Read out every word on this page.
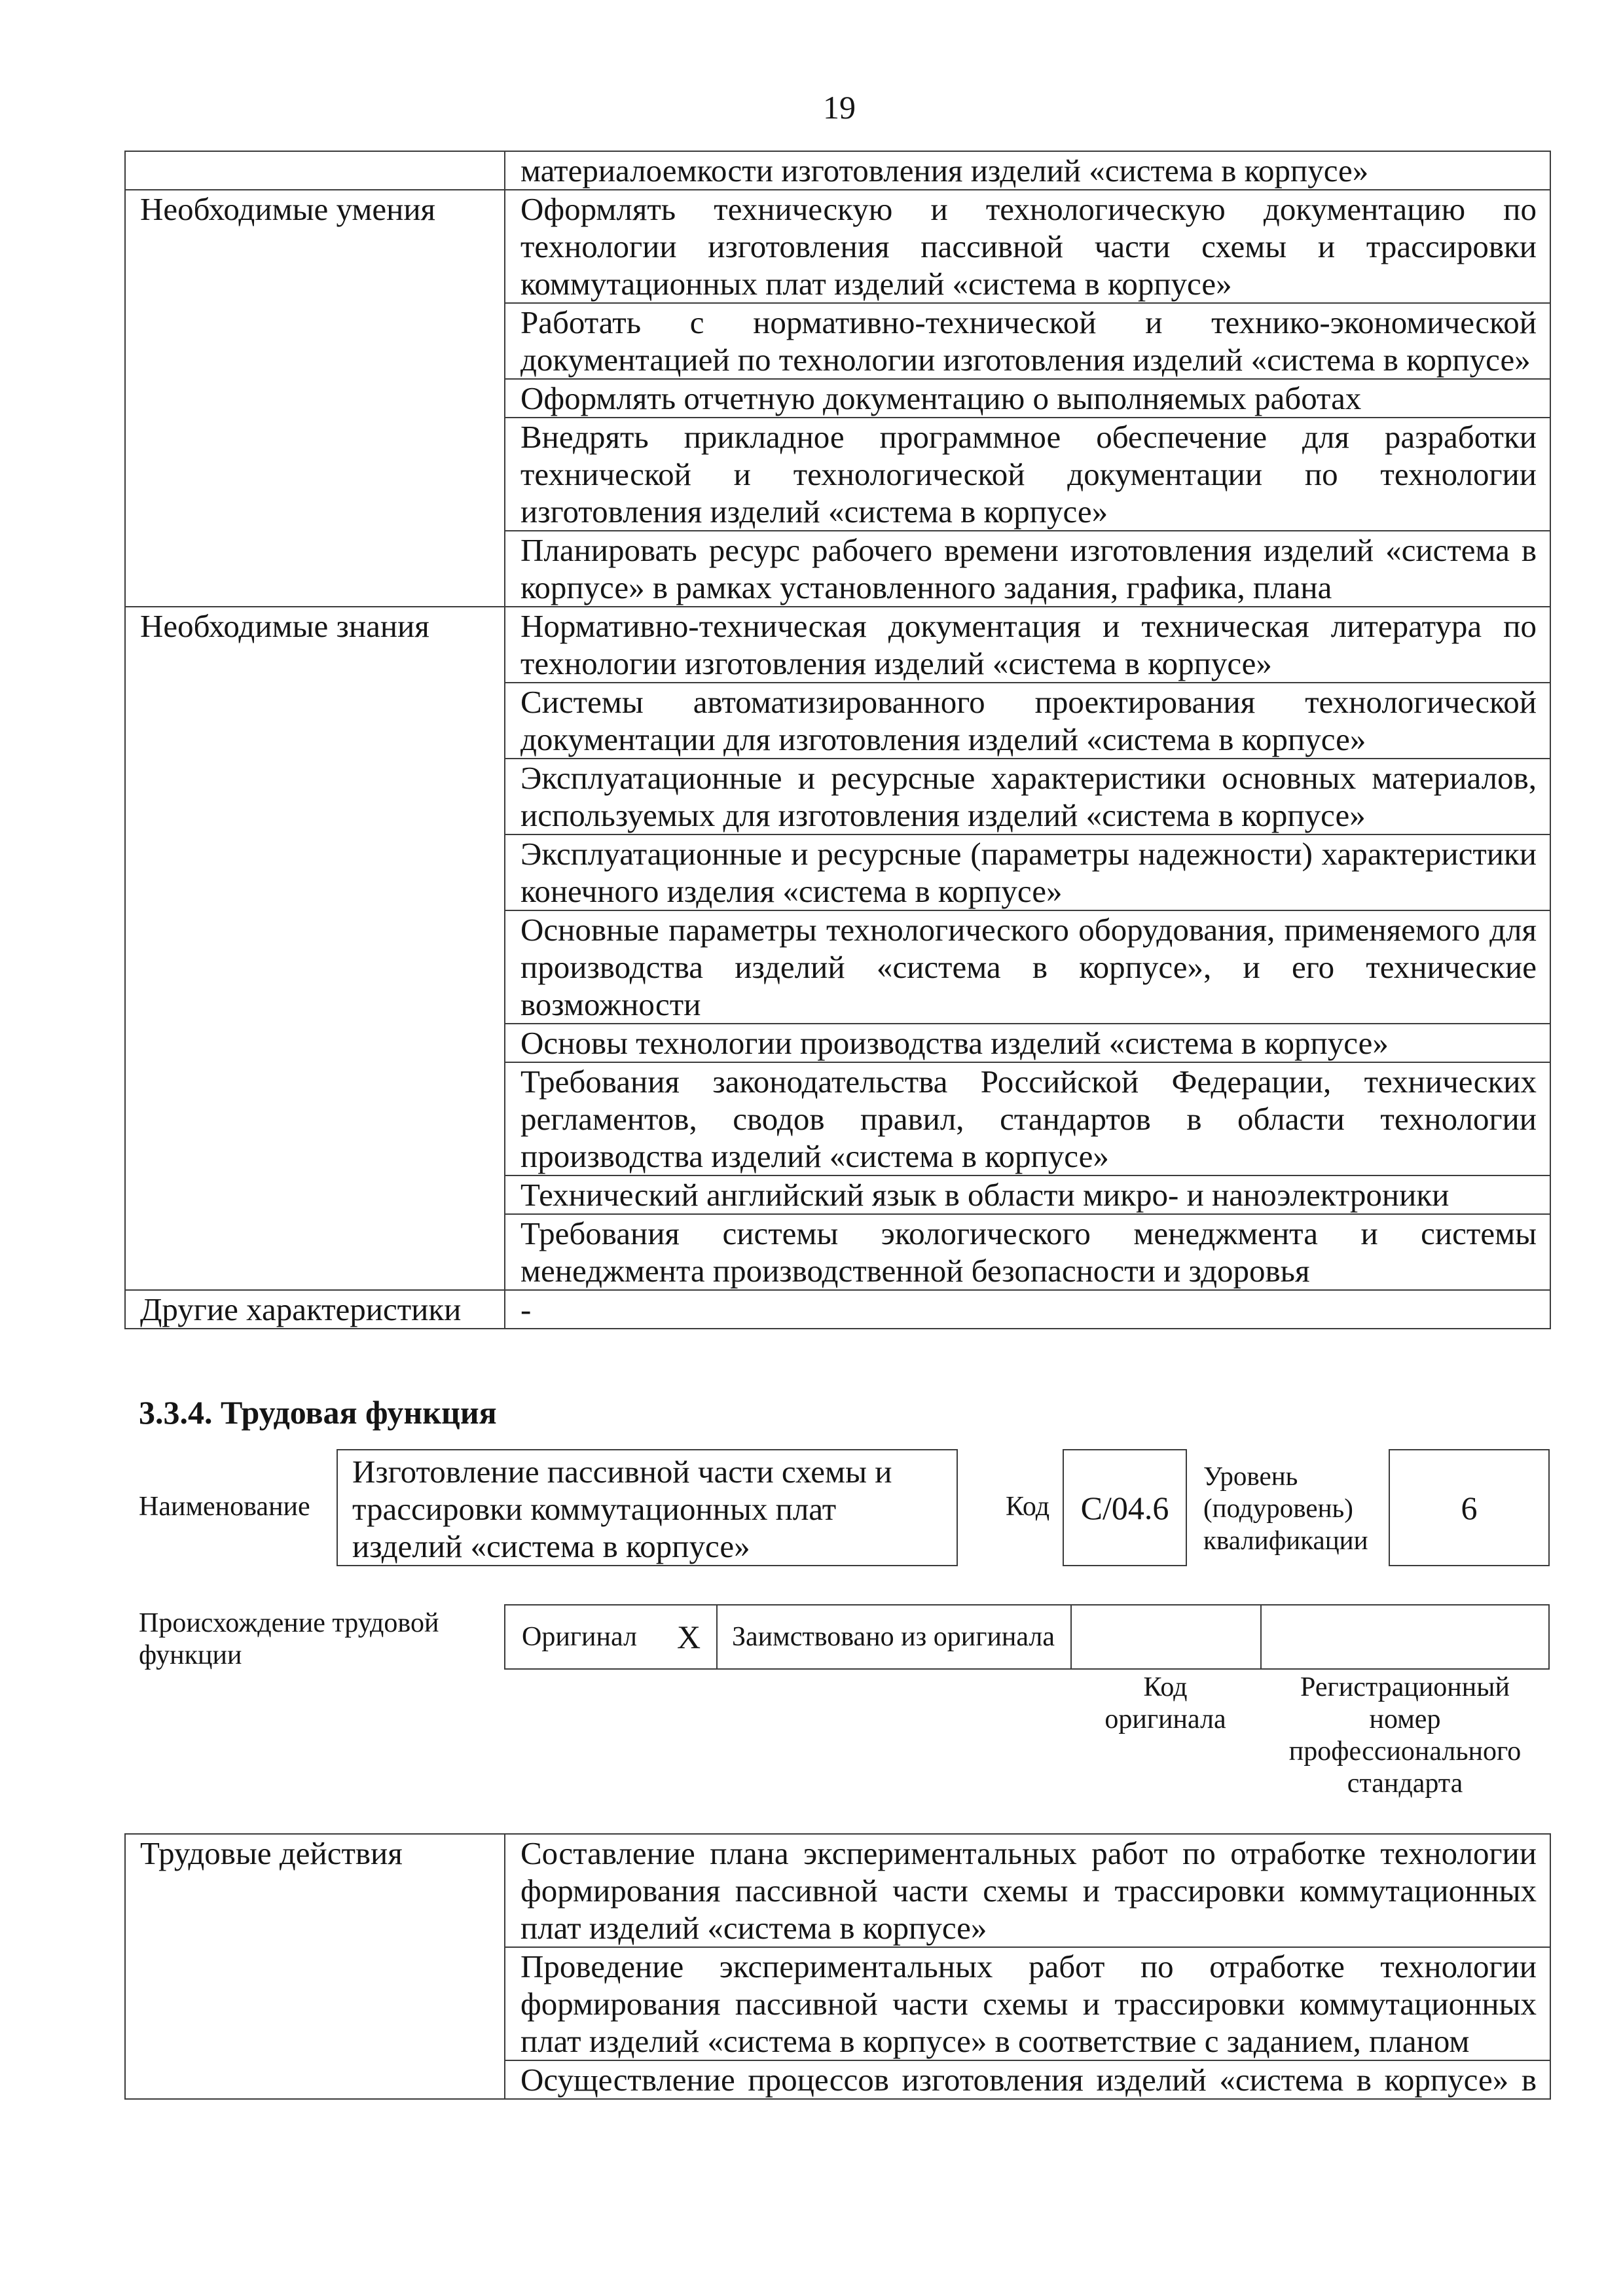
19
	материалоемкости изготовления изделий «система в корпусе»
Необходимые умения	Оформлять техническую и технологическую документацию по технологии изготовления пассивной части схемы и трассировки коммутационных плат изделий «система в корпусе»
	Работать с нормативно-технической и технико-экономической документацией по технологии изготовления изделий «система в корпусе»
	Оформлять отчетную документацию о выполняемых работах
	Внедрять прикладное программное обеспечение для разработки технической и технологической документации по технологии изготовления изделий «система в корпусе»
	Планировать ресурс рабочего времени изготовления изделий «система в корпусе» в рамках установленного задания, графика, плана
Необходимые знания	Нормативно-техническая документация и техническая литература по технологии изготовления изделий «система в корпусе»
	Системы автоматизированного проектирования технологической документации для изготовления изделий «система в корпусе»
	Эксплуатационные и ресурсные характеристики основных материалов, используемых для изготовления изделий «система в корпусе»
	Эксплуатационные и ресурсные (параметры надежности) характеристики конечного изделия «система в корпусе»
	Основные параметры технологического оборудования, применяемого для производства изделий «система в корпусе», и его технические возможности
	Основы технологии производства изделий «система в корпусе»
	Требования законодательства Российской Федерации, технических регламентов, сводов правил, стандартов в области технологии производства изделий «система в корпусе»
	Технический английский язык в области микро- и наноэлектроники
	Требования системы экологического менеджмента и системы менеджмента производственной безопасности и здоровья
Другие характеристики	-
3.3.4. Трудовая функция
Наименование
Изготовление пассивной части схемы и трассировки коммутационных плат изделий «система в корпусе»
Код С/04.6
Уровень (подуровень) квалификации
6
Происхождение трудовой функции
Оригинал X	Заимствовано из оригинала
Код оригинала
Регистрационный номер профессионального стандарта
Трудовые действия	Составление плана экспериментальных работ по отработке технологии формирования пассивной части схемы и трассировки коммутационных плат изделий «система в корпусе»
Проведение экспериментальных работ по отработке технологии формирования пассивной части схемы и трассировки коммутационных плат изделий «система в корпусе» в соответствие с заданием, планом
Осуществление процессов изготовления изделий «система в корпусе» в
